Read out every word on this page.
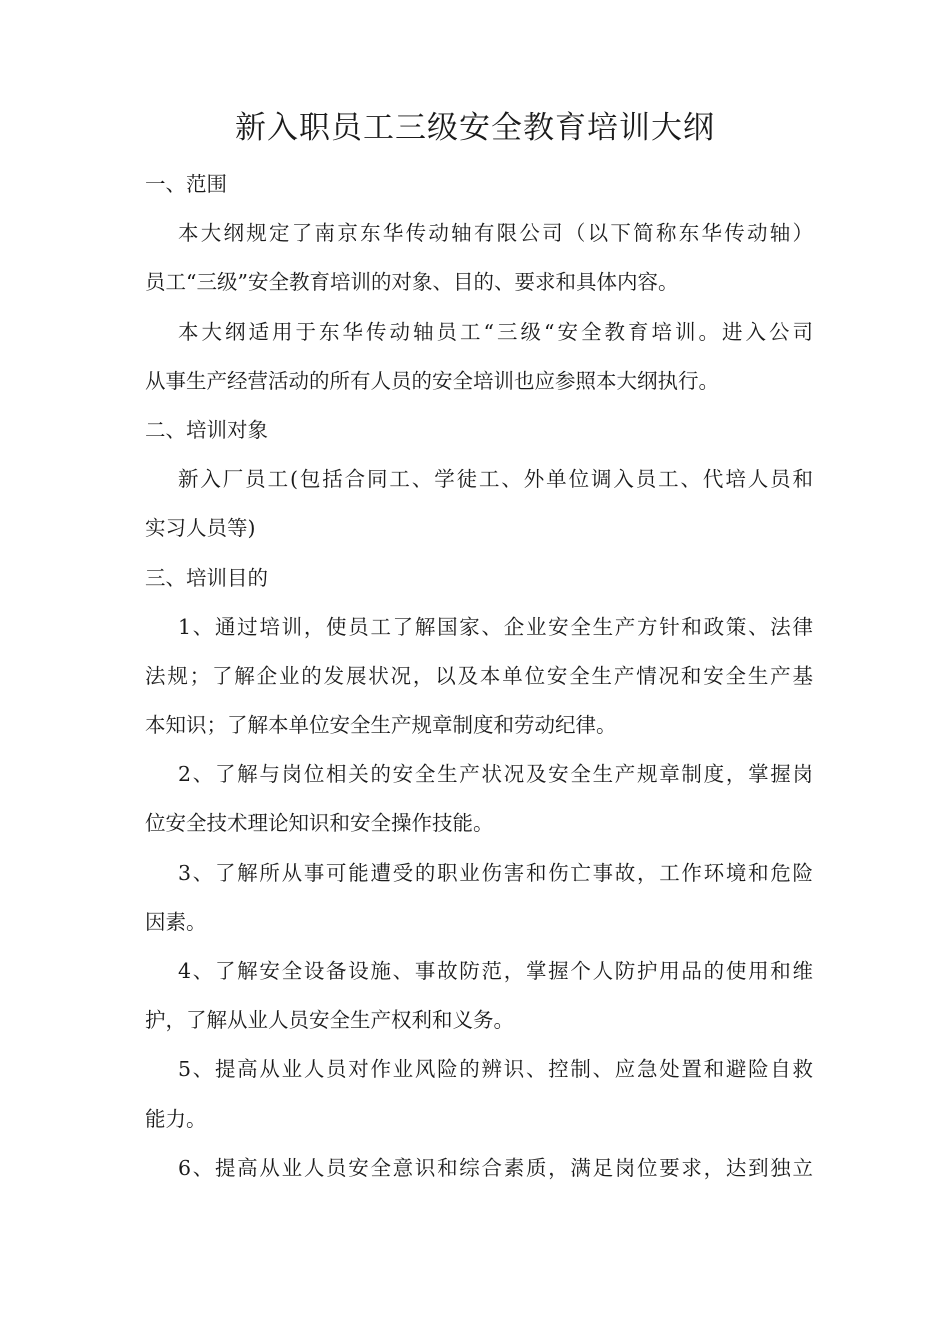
新入职员工三级安全教育培训大纲

一、范围

本大纲规定了南京东华传动轴有限公司（以下简称东华传动轴）

员工“三级”安全教育培训的对象、目的、要求和具体内容。

本大纲适用于东华传动轴员工“三级“安全教育培训。进入公司

从事生产经营活动的所有人员的安全培训也应参照本大纲执行。

二、培训对象

新入厂员工(包括合同工、学徒工、外单位调入员工、代培人员和

实习人员等)

三、培训目的

1、通过培训，使员工了解国家、企业安全生产方针和政策、法律

法规；了解企业的发展状况，以及本单位安全生产情况和安全生产基

本知识；了解本单位安全生产规章制度和劳动纪律。

2、了解与岗位相关的安全生产状况及安全生产规章制度，掌握岗

位安全技术理论知识和安全操作技能。

3、了解所从事可能遭受的职业伤害和伤亡事故，工作环境和危险

因素。

4、了解安全设备设施、事故防范，掌握个人防护用品的使用和维

护，了解从业人员安全生产权利和义务。

5、提高从业人员对作业风险的辨识、控制、应急处置和避险自救

能力。

6、提高从业人员安全意识和综合素质，满足岗位要求，达到独立
